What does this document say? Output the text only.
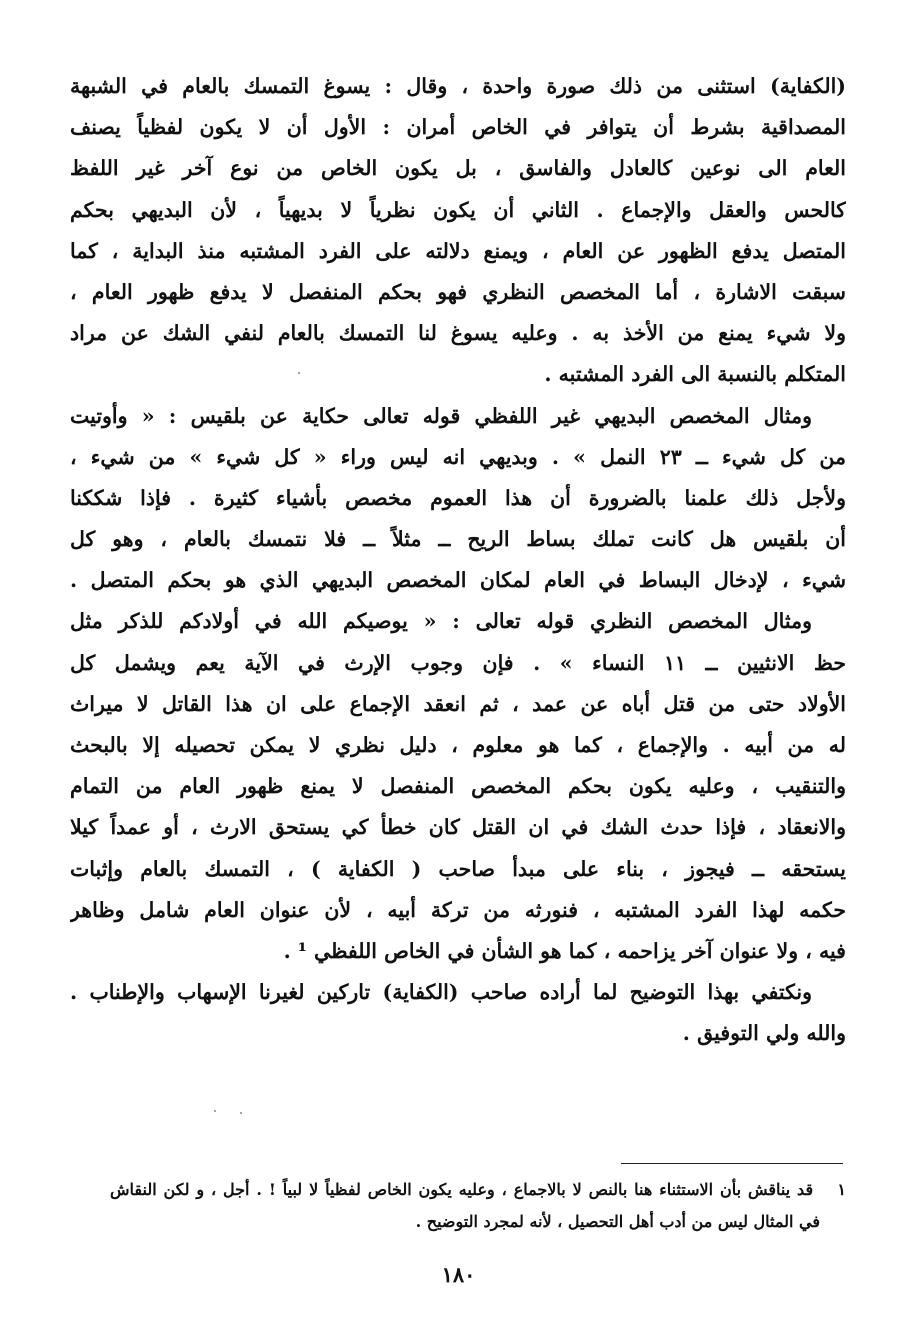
(الكفاية) استثنى من ذلك صورة واحدة ، وقال : يسوغ التمسك بالعام في الشبهة
المصداقية بشرط أن يتوافر في الخاص أمران : الأول أن لا يكون لفظياً يصنف
العام الى نوعين كالعادل والفاسق ، بل يكون الخاص من نوع آخر غير اللفظ
كالحس والعقل والإجماع . الثاني أن يكون نظرياً لا بديهياً ، لأن البديهي بحكم
المتصل يدفع الظهور عن العام ، ويمنع دلالته على الفرد المشتبه منذ البداية ، كما
سبقت الاشارة ، أما المخصص النظري فهو بحكم المنفصل لا يدفع ظهور العام ،
ولا شيء يمنع من الأخذ به . وعليه يسوغ لنا التمسك بالعام لنفي الشك عن مراد
المتكلم بالنسبة الى الفرد المشتبه .
ومثال المخصص البديهي غير اللفظي قوله تعالى حكاية عن بلقيس : « وأوتيت
من كل شيء ــ ٢٣ النمل » . وبديهي انه ليس وراء « كل شيء » من شيء ،
ولأجل ذلك علمنا بالضرورة أن هذا العموم مخصص بأشياء كثيرة . فإذا شككنا
أن بلقيس هل كانت تملك بساط الريح ــ مثلاً ــ فلا نتمسك بالعام ، وهو كل
شيء ، لإدخال البساط في العام لمكان المخصص البديهي الذي هو بحكم المتصل .
ومثال المخصص النظري قوله تعالى : « يوصيكم الله في أولادكم للذكر مثل
حظ الانثيين ــ ١١ النساء » . فإن وجوب الإرث في الآية يعم ويشمل كل
الأولاد حتى من قتل أباه عن عمد ، ثم انعقد الإجماع على ان هذا القاتل لا ميراث
له من أبيه . والإجماع ، كما هو معلوم ، دليل نظري لا يمكن تحصيله إلا بالبحث
والتنقيب ، وعليه يكون بحكم المخصص المنفصل لا يمنع ظهور العام من التمام
والانعقاد ، فإذا حدث الشك في ان القتل كان خطأ كي يستحق الارث ، أو عمداً كيلا
يستحقه ــ فيجوز ، بناء على مبدأ صاحب ( الكفاية ) ، التمسك بالعام وإثبات
حكمه لهذا الفرد المشتبه ، فنورثه من تركة أبيه ، لأن عنوان العام شامل وظاهر
فيه ، ولا عنوان آخر يزاحمه ، كما هو الشأن في الخاص اللفظي ¹ .
ونكتفي بهذا التوضيح لما أراده صاحب (الكفاية) تاركين لغيرنا الإسهاب والإطناب .
والله ولي التوفيق .
١ قد يناقش بأن الاستثناء هنا بالنص لا بالاجماع ، وعليه يكون الخاص لفظياً لا لبياً ! . أجل ، و لكن النقاش
في المثال ليس من أدب أهل التحصيل ، لأنه لمجرد التوضيح .
١٨٠
